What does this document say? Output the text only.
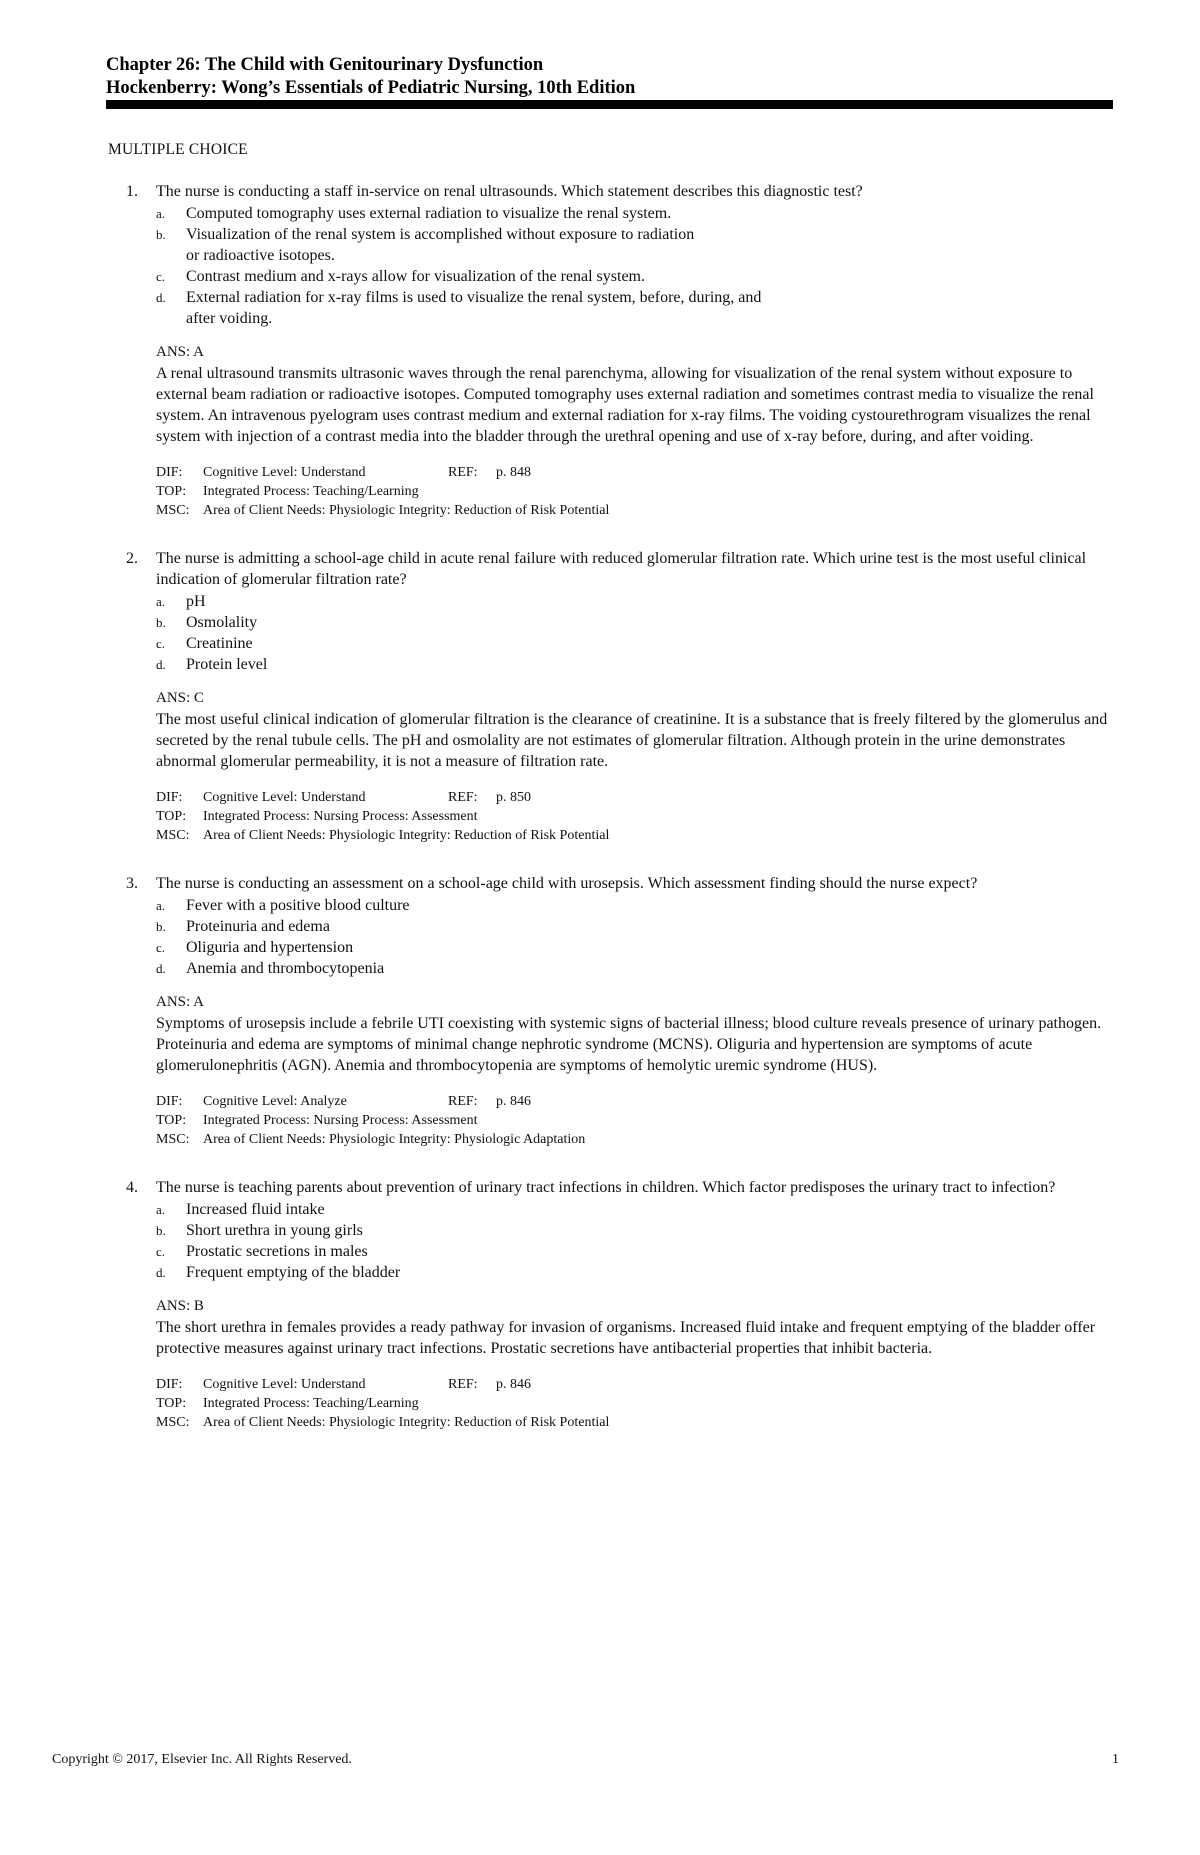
Chapter 26: The Child with Genitourinary Dysfunction
Hockenberry: Wong’s Essentials of Pediatric Nursing, 10th Edition
MULTIPLE CHOICE
1.	The nurse is conducting a staff in-service on renal ultrasounds. Which statement describes this diagnostic test?
a.	Computed tomography uses external radiation to visualize the renal system.
b.	Visualization of the renal system is accomplished without exposure to radiation or radioactive isotopes.
c.	Contrast medium and x-rays allow for visualization of the renal system.
d.	External radiation for x-ray films is used to visualize the renal system, before, during, and after voiding.
ANS: A
A renal ultrasound transmits ultrasonic waves through the renal parenchyma, allowing for visualization of the renal system without exposure to external beam radiation or radioactive isotopes. Computed tomography uses external radiation and sometimes contrast media to visualize the renal system. An intravenous pyelogram uses contrast medium and external radiation for x-ray films. The voiding cystourethrogram visualizes the renal system with injection of a contrast media into the bladder through the urethral opening and use of x-ray before, during, and after voiding.
DIF:	Cognitive Level: Understand	REF:	p. 848
TOP:	Integrated Process: Teaching/Learning
MSC: Area of Client Needs: Physiologic Integrity: Reduction of Risk Potential
2.	The nurse is admitting a school-age child in acute renal failure with reduced glomerular filtration rate. Which urine test is the most useful clinical indication of glomerular filtration rate?
a.	pH
b.	Osmolality
c.	Creatinine
d.	Protein level
ANS: C
The most useful clinical indication of glomerular filtration is the clearance of creatinine. It is a substance that is freely filtered by the glomerulus and secreted by the renal tubule cells. The pH and osmolality are not estimates of glomerular filtration. Although protein in the urine demonstrates abnormal glomerular permeability, it is not a measure of filtration rate.
DIF:	Cognitive Level: Understand	REF:	p. 850
TOP:	Integrated Process: Nursing Process: Assessment
MSC: Area of Client Needs: Physiologic Integrity: Reduction of Risk Potential
3.	The nurse is conducting an assessment on a school-age child with urosepsis. Which assessment finding should the nurse expect?
a.	Fever with a positive blood culture
b.	Proteinuria and edema
c.	Oliguria and hypertension
d.	Anemia and thrombocytopenia
ANS: A
Symptoms of urosepsis include a febrile UTI coexisting with systemic signs of bacterial illness; blood culture reveals presence of urinary pathogen. Proteinuria and edema are symptoms of minimal change nephrotic syndrome (MCNS). Oliguria and hypertension are symptoms of acute glomerulonephritis (AGN). Anemia and thrombocytopenia are symptoms of hemolytic uremic syndrome (HUS).
DIF:	Cognitive Level: Analyze	REF:	p. 846
TOP:	Integrated Process: Nursing Process: Assessment
MSC: Area of Client Needs: Physiologic Integrity: Physiologic Adaptation
4.	The nurse is teaching parents about prevention of urinary tract infections in children. Which factor predisposes the urinary tract to infection?
a.	Increased fluid intake
b.	Short urethra in young girls
c.	Prostatic secretions in males
d.	Frequent emptying of the bladder
ANS: B
The short urethra in females provides a ready pathway for invasion of organisms. Increased fluid intake and frequent emptying of the bladder offer protective measures against urinary tract infections. Prostatic secretions have antibacterial properties that inhibit bacteria.
DIF:	Cognitive Level: Understand	REF:	p. 846
TOP:	Integrated Process: Teaching/Learning
MSC: Area of Client Needs: Physiologic Integrity: Reduction of Risk Potential
Copyright © 2017, Elsevier Inc. All Rights Reserved.	1
